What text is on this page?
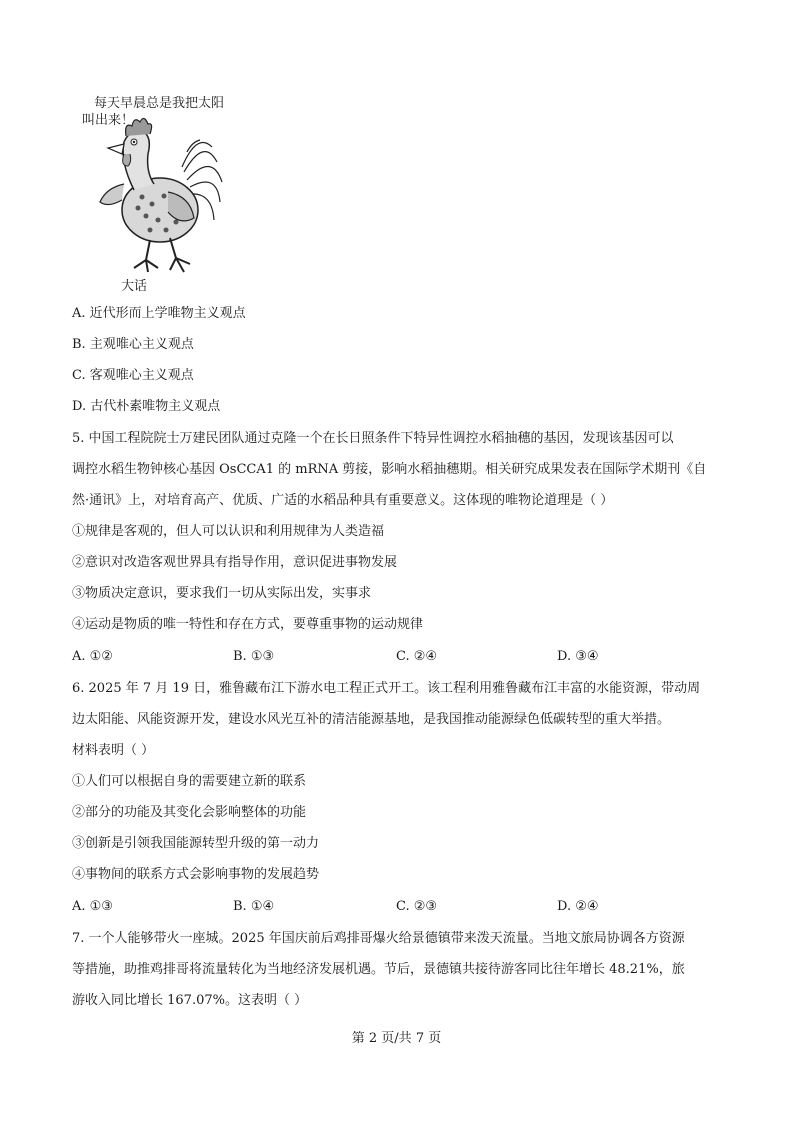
每天早晨总是我把太阳
叫出来！
大话
A. 近代形而上学唯物主义观点
B. 主观唯心主义观点
C. 客观唯心主义观点
D. 古代朴素唯物主义观点
5. 中国工程院院士万建民团队通过克隆一个在长日照条件下特异性调控水稻抽穗的基因，发现该基因可以
调控水稻生物钟核心基因 OsCCA1 的 mRNA 剪接，影响水稻抽穗期。相关研究成果发表在国际学术期刊《自
然·通讯》上，对培育高产、优质、广适的水稻品种具有重要意义。这体现的唯物论道理是（ ）
①规律是客观的，但人可以认识和利用规律为人类造福
②意识对改造客观世界具有指导作用，意识促进事物发展
③物质决定意识，要求我们一切从实际出发，实事求
④运动是物质的唯一特性和存在方式，要尊重事物的运动规律
A. ①②	B. ①③	C. ②④	D. ③④
6. 2025 年 7 月 19 日，雅鲁藏布江下游水电工程正式开工。该工程利用雅鲁藏布江丰富的水能资源，带动周
边太阳能、风能资源开发，建设水风光互补的清洁能源基地，是我国推动能源绿色低碳转型的重大举措。
材料表明（ ）
①人们可以根据自身的需要建立新的联系
②部分的功能及其变化会影响整体的功能
③创新是引领我国能源转型升级的第一动力
④事物间的联系方式会影响事物的发展趋势
A. ①③	B. ①④	C. ②③	D. ②④
7. 一个人能够带火一座城。2025 年国庆前后鸡排哥爆火给景德镇带来泼天流量。当地文旅局协调各方资源
等措施，助推鸡排哥将流量转化为当地经济发展机遇。节后，景德镇共接待游客同比往年增长 48.21%，旅
游收入同比增长 167.07%。这表明（ ）
第 2 页/共 7 页
